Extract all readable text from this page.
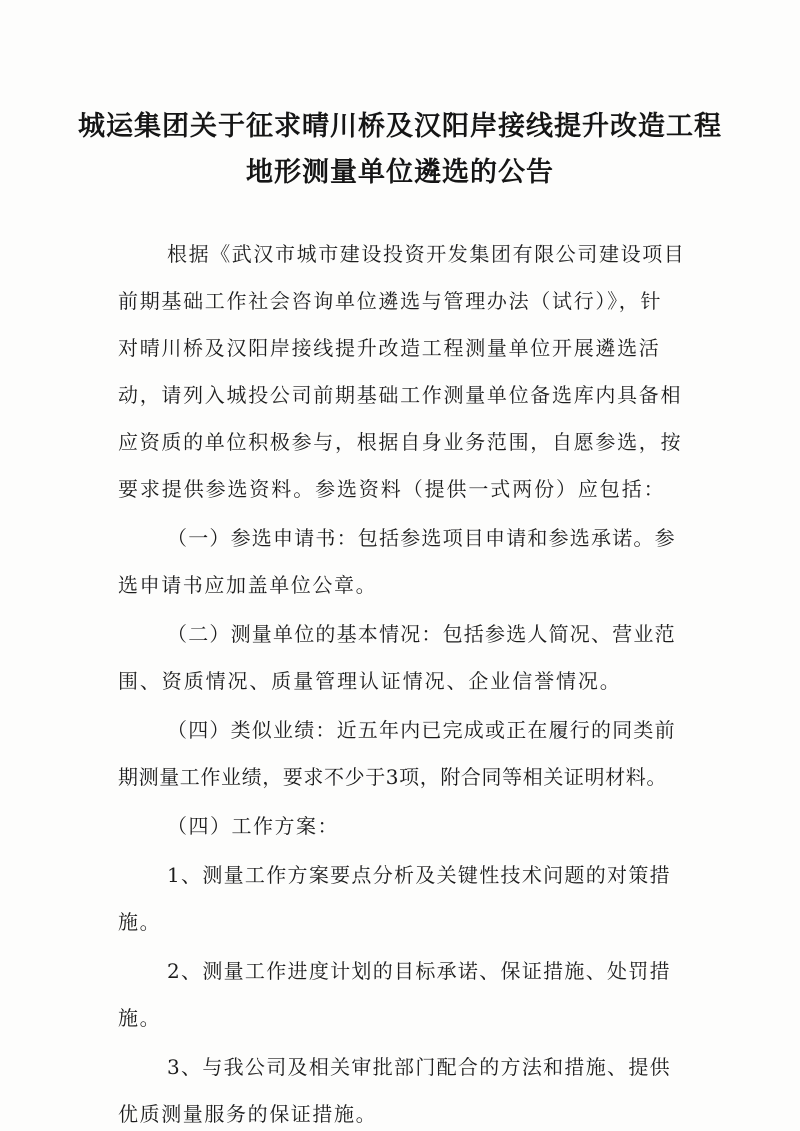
城运集团关于征求晴川桥及汉阳岸接线提升改造工程
地形测量单位遴选的公告
根据《武汉市城市建设投资开发集团有限公司建设项目
前期基础工作社会咨询单位遴选与管理办法（试行）》，针
对晴川桥及汉阳岸接线提升改造工程测量单位开展遴选活
动，请列入城投公司前期基础工作测量单位备选库内具备相
应资质的单位积极参与，根据自身业务范围，自愿参选，按
要求提供参选资料。参选资料（提供一式两份）应包括：
（一）参选申请书：包括参选项目申请和参选承诺。参
选申请书应加盖单位公章。
（二）测量单位的基本情况：包括参选人简况、营业范
围、资质情况、质量管理认证情况、企业信誉情况。
（四）类似业绩：近五年内已完成或正在履行的同类前
期测量工作业绩，要求不少于3项，附合同等相关证明材料。
（四）工作方案：
1、测量工作方案要点分析及关键性技术问题的对策措
施。
2、测量工作进度计划的目标承诺、保证措施、处罚措
施。
3、与我公司及相关审批部门配合的方法和措施、提供
优质测量服务的保证措施。
